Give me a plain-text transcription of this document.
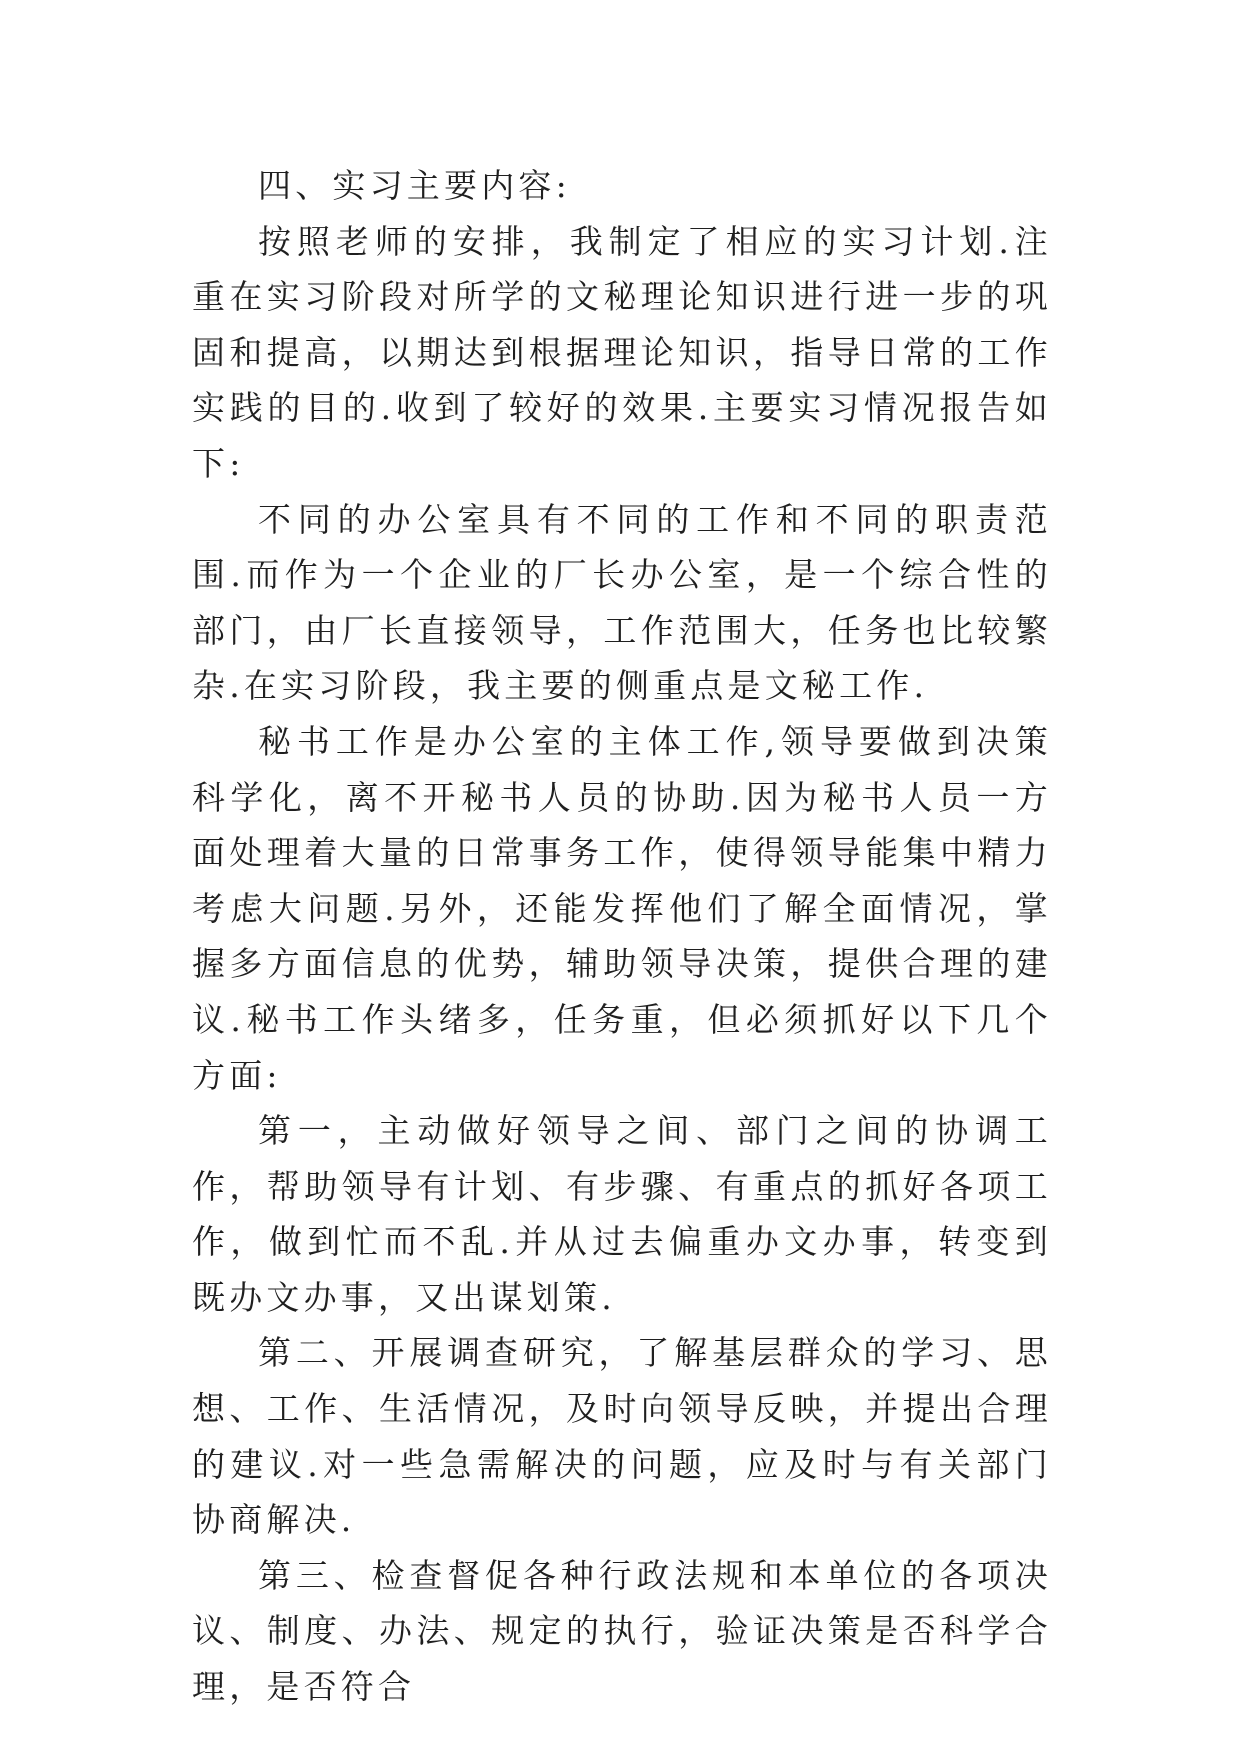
四、实习主要内容:

按照老师的安排，我制定了相应的实习计划.注重在实习阶段对所学的文秘理论知识进行进一步的巩固和提高，以期达到根据理论知识，指导日常的工作实践的目的.收到了较好的效果.主要实习情况报告如下:

不同的办公室具有不同的工作和不同的职责范围.而作为一个企业的厂长办公室，是一个综合性的部门，由厂长直接领导，工作范围大，任务也比较繁杂.在实习阶段，我主要的侧重点是文秘工作.

秘书工作是办公室的主体工作,领导要做到决策科学化，离不开秘书人员的协助.因为秘书人员一方面处理着大量的日常事务工作，使得领导能集中精力考虑大问题.另外，还能发挥他们了解全面情况，掌握多方面信息的优势，辅助领导决策，提供合理的建议.秘书工作头绪多，任务重，但必须抓好以下几个方面:

第一，主动做好领导之间、部门之间的协调工作，帮助领导有计划、有步骤、有重点的抓好各项工作，做到忙而不乱.并从过去偏重办文办事，转变到既办文办事，又出谋划策.

第二、开展调查研究，了解基层群众的学习、思想、工作、生活情况，及时向领导反映，并提出合理的建议.对一些急需解决的问题，应及时与有关部门协商解决.

第三、检查督促各种行政法规和本单位的各项决议、制度、办法、规定的执行，验证决策是否科学合理，是否符合
